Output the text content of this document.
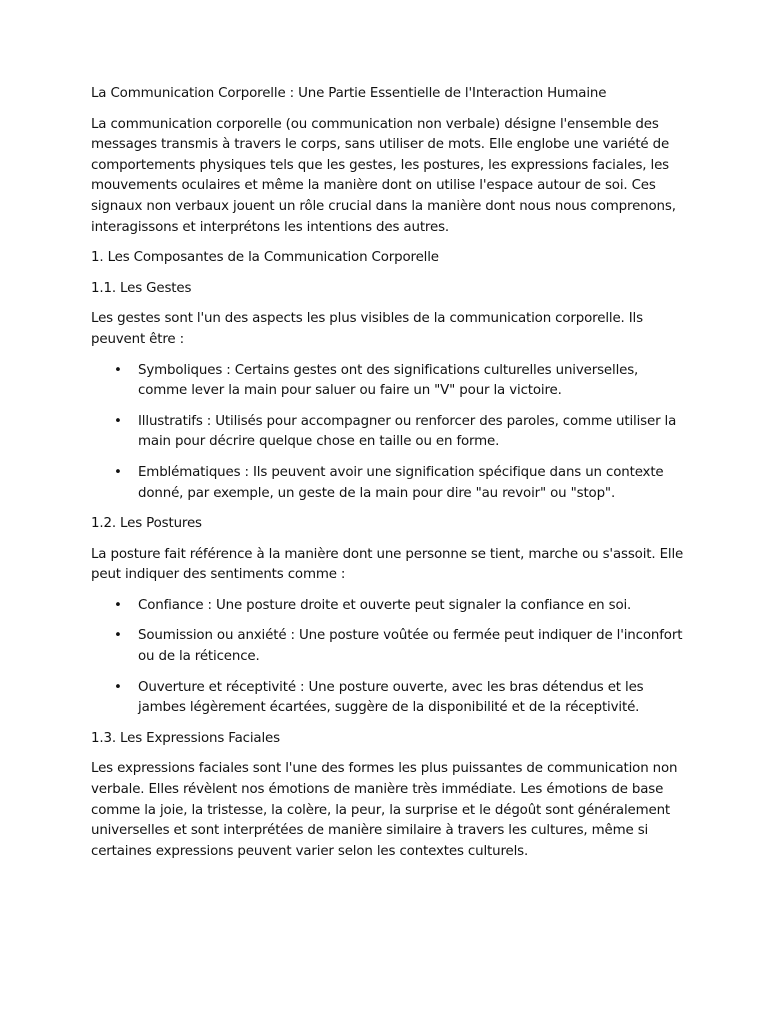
La Communication Corporelle : Une Partie Essentielle de l'Interaction Humaine

La communication corporelle (ou communication non verbale) désigne l'ensemble des messages transmis à travers le corps, sans utiliser de mots. Elle englobe une variété de comportements physiques tels que les gestes, les postures, les expressions faciales, les mouvements oculaires et même la manière dont on utilise l'espace autour de soi. Ces signaux non verbaux jouent un rôle crucial dans la manière dont nous nous comprenons, interagissons et interprétons les intentions des autres.

1. Les Composantes de la Communication Corporelle

1.1. Les Gestes

Les gestes sont l'un des aspects les plus visibles de la communication corporelle. Ils peuvent être :

• Symboliques : Certains gestes ont des significations culturelles universelles, comme lever la main pour saluer ou faire un "V" pour la victoire.
• Illustratifs : Utilisés pour accompagner ou renforcer des paroles, comme utiliser la main pour décrire quelque chose en taille ou en forme.
• Emblématiques : Ils peuvent avoir une signification spécifique dans un contexte donné, par exemple, un geste de la main pour dire "au revoir" ou "stop".

1.2. Les Postures

La posture fait référence à la manière dont une personne se tient, marche ou s'assoit. Elle peut indiquer des sentiments comme :

• Confiance : Une posture droite et ouverte peut signaler la confiance en soi.
• Soumission ou anxiété : Une posture voûtée ou fermée peut indiquer de l'inconfort ou de la réticence.
• Ouverture et réceptivité : Une posture ouverte, avec les bras détendus et les jambes légèrement écartées, suggère de la disponibilité et de la réceptivité.

1.3. Les Expressions Faciales

Les expressions faciales sont l'une des formes les plus puissantes de communication non verbale. Elles révèlent nos émotions de manière très immédiate. Les émotions de base comme la joie, la tristesse, la colère, la peur, la surprise et le dégoût sont généralement universelles et sont interprétées de manière similaire à travers les cultures, même si certaines expressions peuvent varier selon les contextes culturels.
